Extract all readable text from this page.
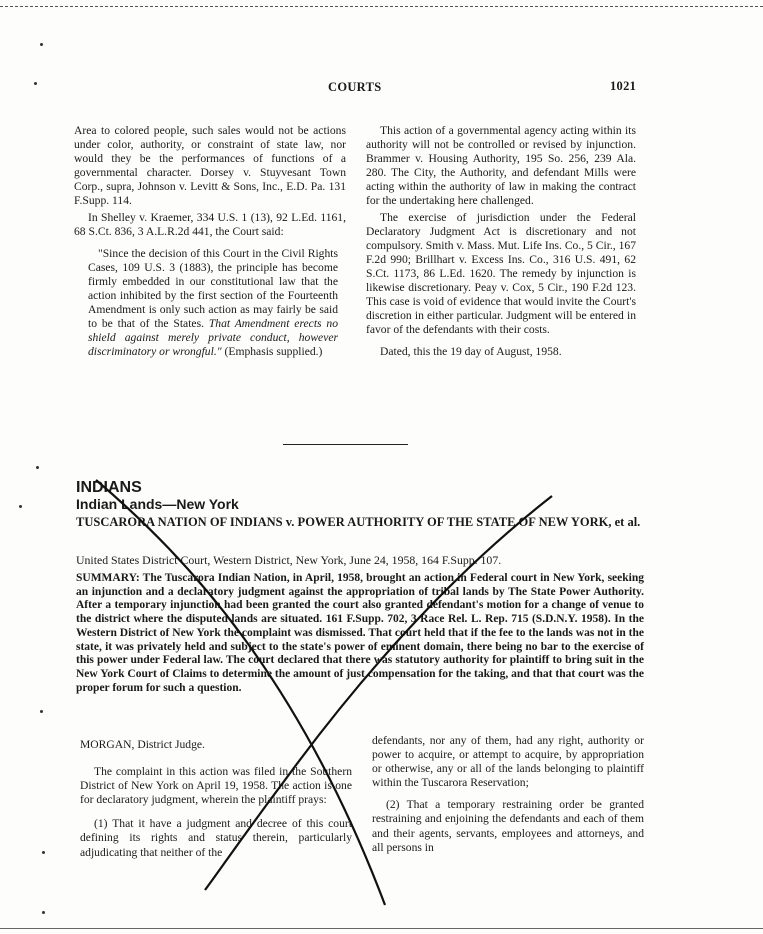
COURTS	1021

Area to colored people, such sales would not be actions under color, authority, or constraint of state law, nor would they be the performances of functions of a governmental character. Dorsey v. Stuyvesant Town Corp., supra, Johnson v. Levitt & Sons, Inc., E.D. Pa. 131 F.Supp. 114.

In Shelley v. Kraemer, 334 U.S. 1 (13), 92 L.Ed. 1161, 68 S.Ct. 836, 3 A.L.R.2d 441, the Court said:

"Since the decision of this Court in the Civil Rights Cases, 109 U.S. 3 (1883), the principle has become firmly embedded in our constitutional law that the action inhibited by the first section of the Fourteenth Amendment is only such action as may fairly be said to be that of the States. That Amendment erects no shield against merely private conduct, however discriminatory or wrongful." (Emphasis supplied.)

This action of a governmental agency acting within its authority will not be controlled or revised by injunction. Brammer v. Housing Authority, 195 So. 256, 239 Ala. 280. The City, the Authority, and defendant Mills were acting within the authority of law in making the contract for the undertaking here challenged.

The exercise of jurisdiction under the Federal Declaratory Judgment Act is discretionary and not compulsory. Smith v. Mass. Mut. Life Ins. Co., 5 Cir., 167 F.2d 990; Brillhart v. Excess Ins. Co., 316 U.S. 491, 62 S.Ct. 1173, 86 L.Ed. 1620. The remedy by injunction is likewise discretionary. Peay v. Cox, 5 Cir., 190 F.2d 123. This case is void of evidence that would invite the Court's discretion in either particular. Judgment will be entered in favor of the defendants with their costs.

Dated, this the 19 day of August, 1958.

INDIANS
Indian Lands—New York
TUSCARORA NATION OF INDIANS v. POWER AUTHORITY OF THE STATE OF NEW YORK, et al.
United States District Court, Western District, New York, June 24, 1958, 164 F.Supp. 107.
SUMMARY: The Tuscarora Indian Nation, in April, 1958, brought an action in Federal court in New York, seeking an injunction and a declaratory judgment against the appropriation of tribal lands by The State Power Authority. After a temporary injunction had been granted the court also granted defendant's motion for a change of venue to the district where the disputed lands are situated. 161 F.Supp. 702, 3 Race Rel. L. Rep. 715 (S.D.N.Y. 1958). In the Western District of New York the complaint was dismissed. That court held that if the fee to the lands was not in the state, it was privately held and subject to the state's power of eminent domain, there being no bar to the exercise of this power under Federal law. The court declared that there was statutory authority for plaintiff to bring suit in the New York Court of Claims to determine the amount of just compensation for the taking, and that that court was the proper forum for such a question.

MORGAN, District Judge.

The complaint in this action was filed in the Southern District of New York on April 19, 1958. The action is one for declaratory judgment, wherein the plaintiff prays:

(1) That it have a judgment and decree of this court defining its rights and status therein, particularly adjudicating that neither of the

defendants, nor any of them, had any right, authority or power to acquire, or attempt to acquire, by appropriation or otherwise, any or all of the lands belonging to plaintiff within the Tuscarora Reservation;

(2) That a temporary restraining order be granted restraining and enjoining the defendants and each of them and their agents, servants, employees and attorneys, and all persons in
